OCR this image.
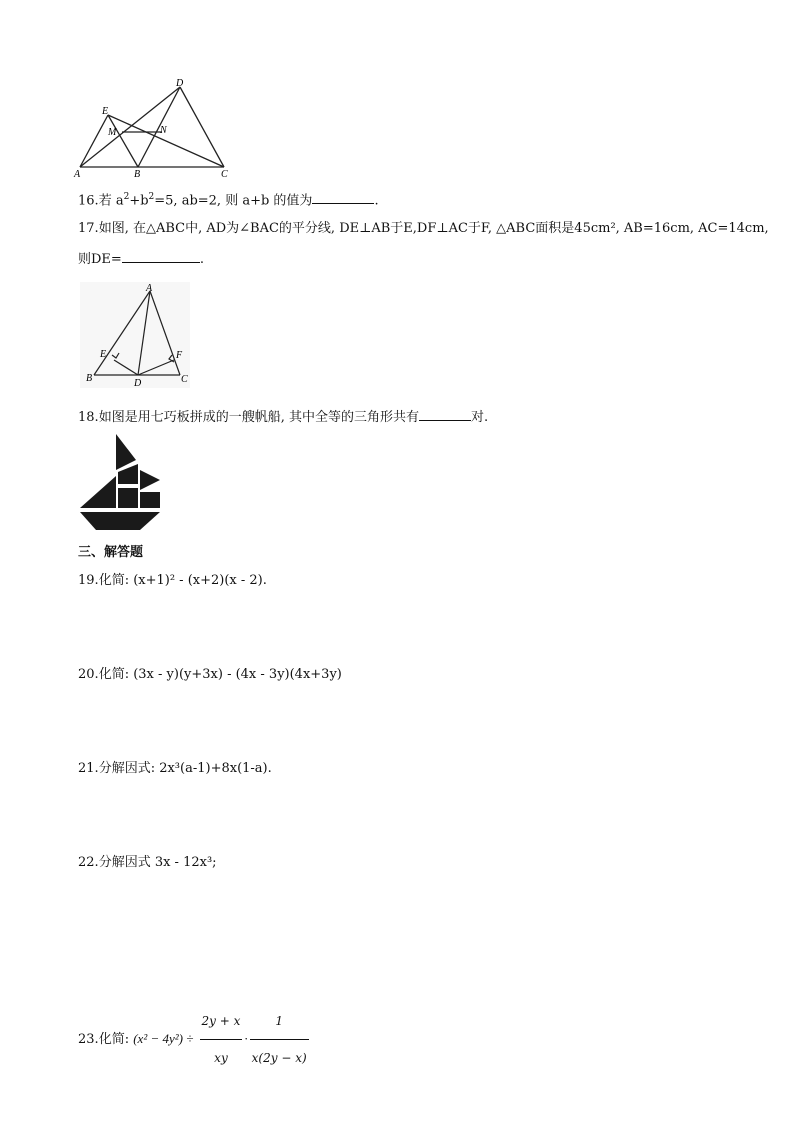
A	B	C
D
E
M	N
16.若 $a^2+b^2=5$, ab=2, 则 a+b 的值为	.
17.如图, 在△ABC中, AD为∠BAC的平分线, DE⊥AB于E,DF⊥AC于F, △ABC面积是45cm², AB=16cm, AC=14cm,
则DE=	.
A
B	C
D
E	F
18.如图是用七巧板拼成的一艘帆船, 其中全等的三角形共有	对.
三、解答题
19.化简: (x+1)² - (x+2)(x - 2).
20.化简: (3x - y)(y+3x) - (4x - 3y)(4x+3y)
21.分解因式: 2x³(a-1)+8x(1-a).
22.分解因式 3x - 12x³;
23.化简: $(x^2 - 4y^2) \div \frac{2y + x}{xy} \cdot \frac{1}{x(2y - x)}$
